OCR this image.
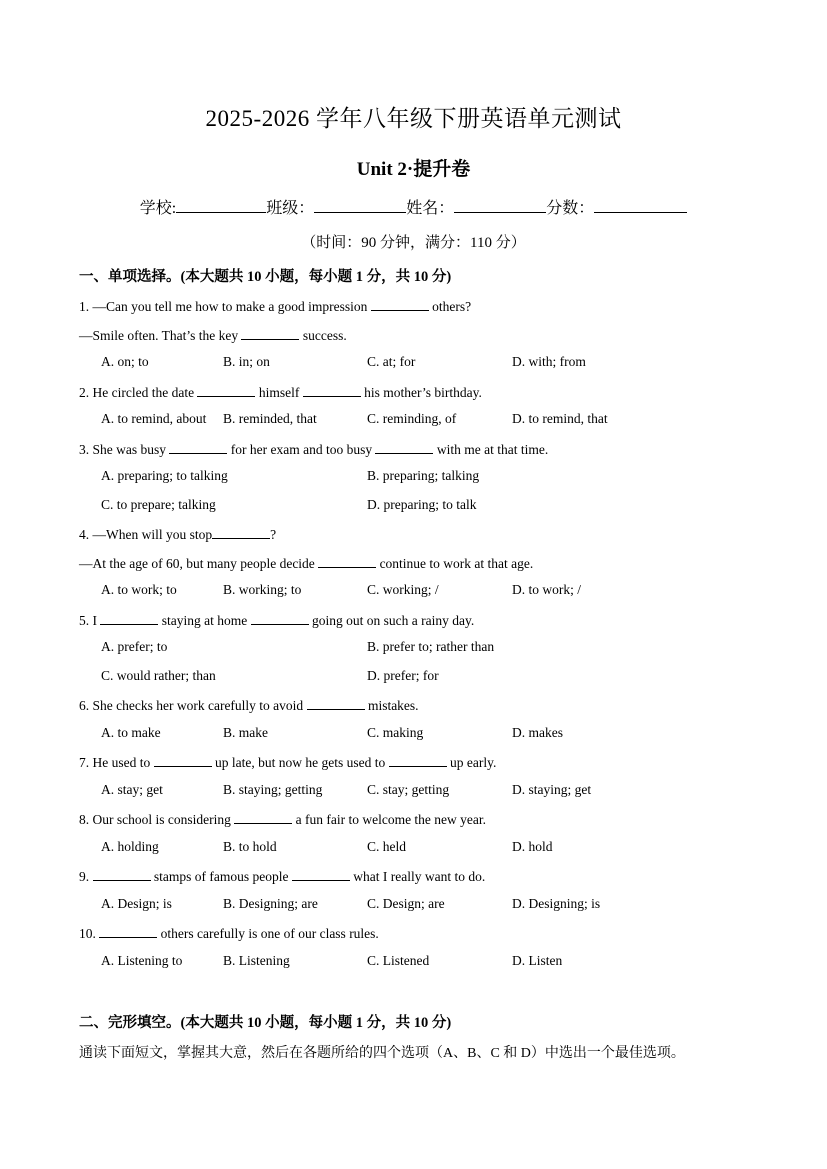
2025-2026 学年八年级下册英语单元测试
Unit 2·提升卷
学校:	班级：	姓名：	分数：
（时间：90 分钟，满分：110 分）
一、单项选择。(本大题共 10 小题，每小题 1 分，共 10 分)
1. —Can you tell me how to make a good impression	others?
—Smile often. That’s the key	success.
A. on; to	B. in; on	C. at; for	D. with; from
2. He circled the date	himself	his mother’s birthday.
A. to remind, about B. reminded, that	C. reminding, of	D. to remind, that
3. She was busy	for her exam and too busy	with me at that time.
A. preparing; to talking	B. preparing; talking
C. to prepare; talking	D. preparing; to talk
4. —When will you stop	?
—At the age of 60, but many people decide	continue to work at that age.
A. to work; to	B. working; to	C. working; /	D. to work; /
5. I	staying at home	going out on such a rainy day.
A. prefer; to	B. prefer to; rather than
C. would rather; than	D. prefer; for
6. She checks her work carefully to avoid	mistakes.
A. to make	B. make	C. making	D. makes
7. He used to	up late, but now he gets used to	up early.
A. stay; get	B. staying; getting	C. stay; getting	D. staying; get
8. Our school is considering	a fun fair to welcome the new year.
A. holding	B. to hold	C. held	D. hold
9.	stamps of famous people	what I really want to do.
A. Design; is	B. Designing; are	C. Design; are	D. Designing; is
10.	others carefully is one of our class rules.
A. Listening to	B. Listening	C. Listened	D. Listen
二、完形填空。(本大题共 10 小题，每小题 1 分，共 10 分)
通读下面短文，掌握其大意，然后在各题所给的四个选项（A、B、C 和 D）中选出一个最佳选项。
